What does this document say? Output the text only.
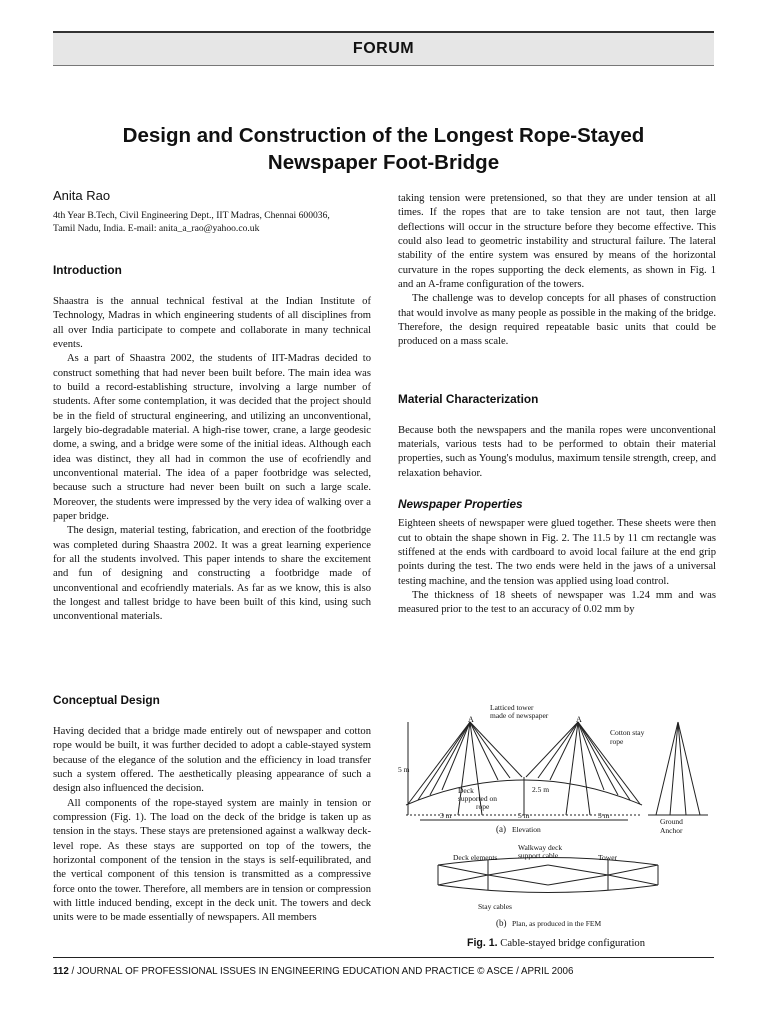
FORUM
Design and Construction of the Longest Rope-Stayed
Newspaper Foot-Bridge
Anita Rao
4th Year B.Tech, Civil Engineering Dept., IIT Madras, Chennai 600036,
Tamil Nadu, India. E-mail: anita_a_rao@yahoo.co.uk
Introduction

Shaastra is the annual technical festival at the Indian Institute of Technology, Madras in which engineering students of all disciplines from all over India participate to compete and collaborate in many technical events.

As a part of Shaastra 2002, the students of IIT-Madras decided to construct something that had never been built before. The main idea was to build a record-establishing structure, involving a large number of students. After some contemplation, it was decided that the project should be in the field of structural engineering, and utilizing an unconventional, largely bio-degradable material. A high-rise tower, crane, a large geodesic dome, a swing, and a bridge were some of the initial ideas. Although each idea was distinct, they all had in common the use of ecofriendly and unconventional material. The idea of a paper footbridge was selected, because such a structure had never been built on such a large scale. Moreover, the students were impressed by the very idea of walking over a paper bridge.

The design, material testing, fabrication, and erection of the footbridge was completed during Shaastra 2002. It was a great learning experience for all the students involved. This paper intends to share the excitement and fun of designing and constructing a footbridge made of unconventional and ecofriendly materials. As far as we know, this is also the longest and tallest bridge to have been built of this kind, using such unconventional materials.

Conceptual Design

Having decided that a bridge made entirely out of newspaper and cotton rope would be built, it was further decided to adopt a cable-stayed system because of the elegance of the solution and the efficiency in load transfer such a system offered. The aesthetically pleasing appearance of such a design also influenced the decision.

All components of the rope-stayed system are mainly in tension or compression (Fig. 1). The load on the deck of the bridge is taken up as tension in the stays. These stays are pretensioned against a walkway deck-level rope. As these stays are supported on top of the towers, the horizontal component of the tension in the stays is self-equilibrated, and the vertical component of this tension is transmitted as a compressive force onto the tower. Therefore, all members are in tension or compression with little induced bending, except in the deck unit. The towers and deck units were to be made essentially of newspapers. All members

taking tension were pretensioned, so that they are under tension at all times. If the ropes that are to take tension are not taut, then large deflections will occur in the structure before they become effective. This could also lead to geometric instability and structural failure. The lateral stability of the entire system was ensured by means of the horizontal curvature in the ropes supporting the deck elements, as shown in Fig. 1 and an A-frame configuration of the towers.

The challenge was to develop concepts for all phases of construction that would involve as many people as possible in the making of the bridge. Therefore, the design required repeatable basic units that could be produced on a mass scale.

Material Characterization

Because both the newspapers and the manila ropes were unconventional materials, various tests had to be performed to obtain their material properties, such as Young's modulus, maximum tensile strength, creep, and relaxation behavior.

Newspaper Properties

Eighteen sheets of newspaper were glued together. These sheets were then cut to obtain the shape shown in Fig. 2. The 11.5 by 11 cm rectangle was stiffened at the ends with cardboard to avoid local failure at the end grip points during the test. The two ends were held in the jaws of a universal testing machine, and the tension was applied using load control.

The thickness of 18 sheets of newspaper was 1.24 mm and was measured prior to the test to an accuracy of 0.02 mm by

Latticed tower
made of newspaper
A	A
Cotton stay
rope
5 m
Deck
supported on
rope
2.5 m
3 m	5 m	3 m
Ground
Anchor
(a) Elevation
Deck elements
Walkway deck
support cable	Tower
Stay cables
(b) Plan, as produced in the FEM
Fig. 1. Cable-stayed bridge configuration
112 / JOURNAL OF PROFESSIONAL ISSUES IN ENGINEERING EDUCATION AND PRACTICE © ASCE / APRIL 2006
